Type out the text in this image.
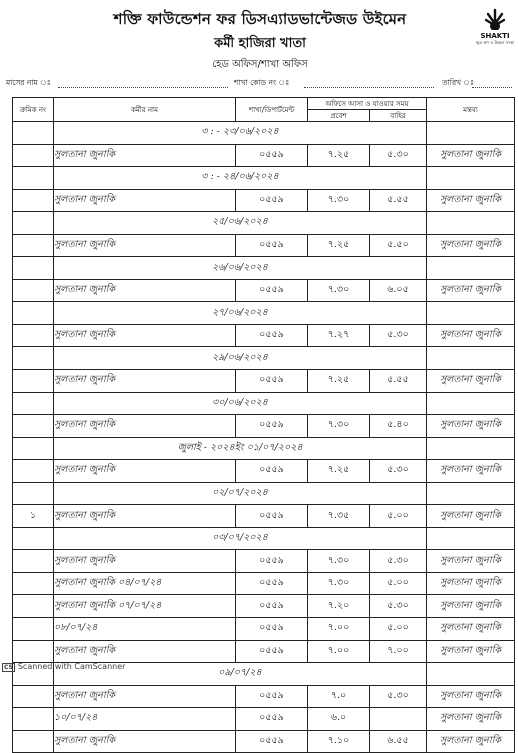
শক্তি ফাউন্ডেশন ফর ডিসএ্যাডভান্টেজড উইমেন
কর্মী হাজিরা খাতা
হেড অফিস/শাখা অফিস
SHAKTI
ক্ষুদ্র ঋণ ও উন্নয়ন সংস্থা
মাসের নাম ঃ	শাখা কোড নং ঃ	তারিখ ঃ
ক্রমিক নং	কর্মীর নাম	শাখা/ডিপার্টমেন্ট	অফিসে আসা ও যাওয়ার সময়		মন্তব্য
			প্রবেশ	বাহির	
	৩ : - ২৩/০৬/২০২৪				
	সুলতানা জুনাকি	০৫৫৯	৭.২৫	৫.৩০	সুলতানা জুনাকি
	৩ : - ২৪/০৬/২০২৪				
	সুলতানা জুনাকি	০৫৫৯	৭.৩০	৫.৫৫	সুলতানা জুনাকি
	২৫/০৬/২০২৪				
	সুলতানা জুনাকি	০৫৫৯	৭.২৫	৫.৫০	সুলতানা জুনাকি
	২৬/০৬/২০২৪				
	সুলতানা জুনাকি	০৫৫৯	৭.৩০	৬.০৫	সুলতানা জুনাকি
	২৭/০৬/২০২৪				
	সুলতানা জুনাকি	০৫৫৯	৭.২৭	৫.৩০	সুলতানা জুনাকি
	২৯/০৬/২০২৪				
	সুলতানা জুনাকি	০৫৫৯	৭.২৫	৫.৫৫	সুলতানা জুনাকি
	৩০/০৬/২০২৪				
	সুলতানা জুনাকি	০৫৫৯	৭.৩০	৫.৪০	সুলতানা জুনাকি
	জুলাই - ২০২৪ইং ০১/০৭/২০২৪				
	সুলতানা জুনাকি	০৫৫৯	৭.২৫	৫.৩০	সুলতানা জুনাকি
	০২/০৭/২০২৪				
১	সুলতানা জুনাকি	০৫৫৯	৭.৩৫	৫.০০	সুলতানা জুনাকি
	০৩/০৭/২০২৪				
	সুলতানা জুনাকি	০৫৫৯	৭.৩০	৫.৩০	সুলতানা জুনাকি
	সুলতানা জুনাকি ০৪/০৭/২৪	০৫৫৯	৭.৩০	৫.০০	সুলতানা জুনাকি
	সুলতানা জুনাকি ০৭/০৭/২৪	০৫৫৯	৭.২০	৫.৩০	সুলতানা জুনাকি
	০৮/০৭/২৪	০৫৫৯	৭.০০	৫.০০	সুলতানা জুনাকি
	সুলতানা জুনাকি	০৫৫৯	৭.০০	৭.০০	সুলতানা জুনাকি
	০৯/০৭/২৪				
	সুলতানা জুনাকি	০৫৫৯	৭.০	৫.৩০	সুলতানা জুনাকি
	১০/০৭/২৪	০৫৫৯	৬.০		সুলতানা জুনাকি
	সুলতানা জুনাকি	০৫৫৯	৭.১০	৬.৫৫	সুলতানা জুনাকি
CS Scanned with CamScanner
